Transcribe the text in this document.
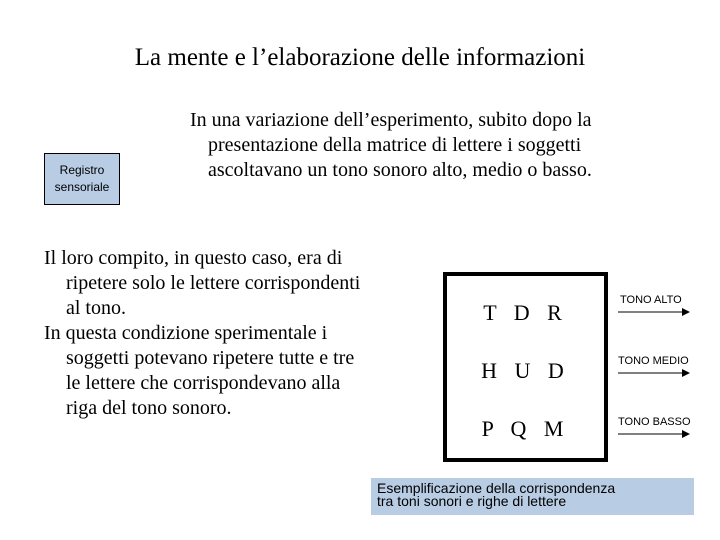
La mente e l’elaborazione delle informazioni
Registro
sensoriale
In una variazione dell’esperimento, subito dopo la
presentazione della matrice di lettere i soggetti
ascoltavano un tono sonoro alto, medio o basso.
Il loro compito, in questo caso, era di
ripetere solo le lettere corrispondenti
al tono.
In questa condizione sperimentale i
soggetti potevano ripetere tutte e tre
le lettere che corrispondevano alla
riga del tono sonoro.
T D R
H U D
P Q M
TONO ALTO
TONO MEDIO
TONO BASSO
Esemplificazione della corrispondenza
tra toni sonori e righe di lettere
